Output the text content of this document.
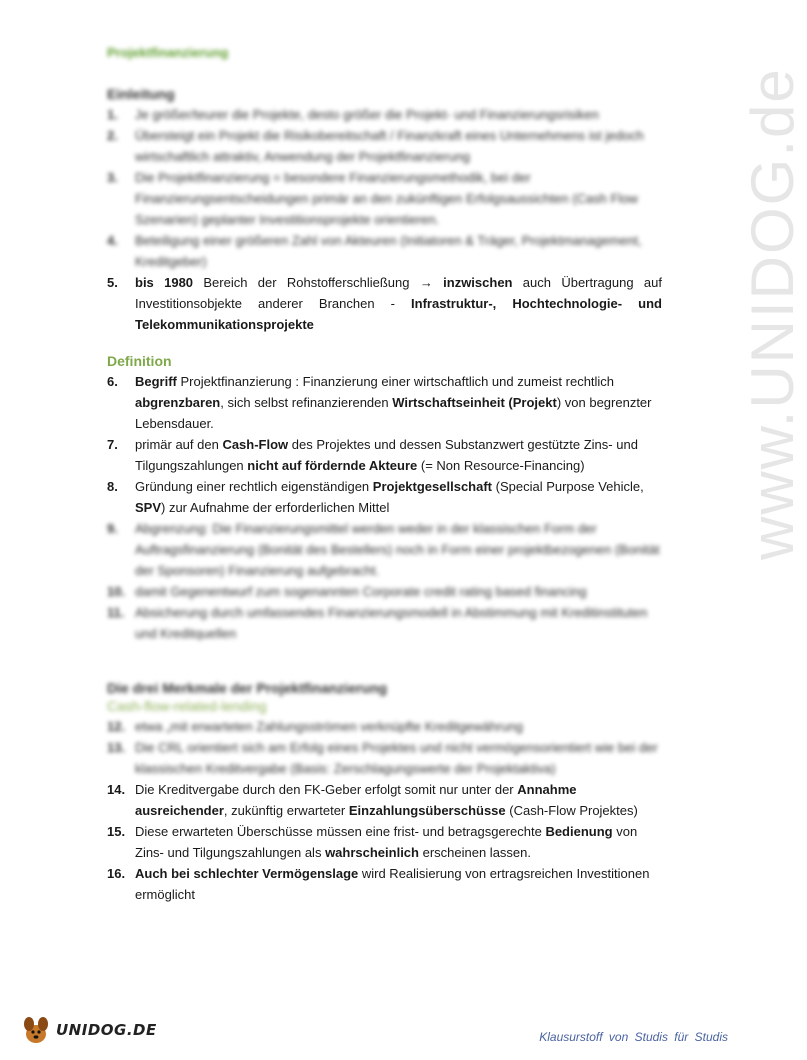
Projektfinanzierung
Einleitung
1.	Je größer/teurer die Projekte, desto größer die Projekt- und Finanzierungsrisiken
2.	Übersteigt ein Projekt die Risikobereitschaft / Finanzkraft eines Unternehmens ist jedoch wirtschaftlich attraktiv, Anwendung der Projektfinanzierung
3.	Die Projektfinanzierung = besondere Finanzierungsmethodik, bei der Finanzierungsentscheidungen primär an den zukünftigen Erfolgsaussichten (Cash Flow Szenarien) geplanter Investitionsprojekte orientieren.
4.	Beteiligung einer größeren Zahl von Akteuren (Initiatoren & Träger, Projektmanagement, Kreditgeber)
5.	bis 1980 Bereich der Rohstofferschließung → inzwischen auch Übertragung auf Investitionsobjekte anderer Branchen - Infrastruktur-, Hochtechnologie- und Telekommunikationsprojekte
Definition
6.	Begriff Projektfinanzierung : Finanzierung einer wirtschaftlich und zumeist rechtlich abgrenzbaren, sich selbst refinanzierenden Wirtschaftseinheit (Projekt) von begrenzter Lebensdauer.
7.	primär auf den Cash-Flow des Projektes und dessen Substanzwert gestützte Zins- und Tilgungszahlungen nicht auf fördernde Akteure (= Non Resource-Financing)
8.	Gründung einer rechtlich eigenständigen Projektgesellschaft (Special Purpose Vehicle, SPV) zur Aufnahme der erforderlichen Mittel
9.	Abgrenzung: Die Finanzierungsmittel werden weder in der klassischen Form der Auftragsfinanzierung (Bonität des Bestellers) noch in Form einer projektbezogenen (Bonität der Sponsoren) Finanzierung aufgebracht.
10. damit Gegenentwurf zum sogenannten Corporate credit rating based financing
11. Absicherung durch umfassendes Finanzierungsmodell in Abstimmung mit Kreditinstituten und Kreditquellen
Die drei Merkmale der Projektfinanzierung
Cash-flow-related-lending
12. etwa „mit erwarteten Zahlungsströmen verknüpfte Kreditgewährung
13. Die CRL orientiert sich am Erfolg eines Projektes und nicht vermögensorientiert wie bei der klassischen Kreditvergabe (Basis: Zerschlagungswerte der Projektaktiva)
14. Die Kreditvergabe durch den FK-Geber erfolgt somit nur unter der Annahme ausreichender, zukünftig erwarteter Einzahlungsüberschüsse (Cash-Flow Projektes)
15. Diese erwarteten Überschüsse müssen eine frist- und betragsgerechte Bedienung von Zins- und Tilgungszahlungen als wahrscheinlich erscheinen lassen.
16. Auch bei schlechter Vermögenslage wird Realisierung von ertragsreichen Investitionen ermöglicht
www.UNIDOG.de
UNIDOG.DE	Klausurstoff von Studis für Studis
